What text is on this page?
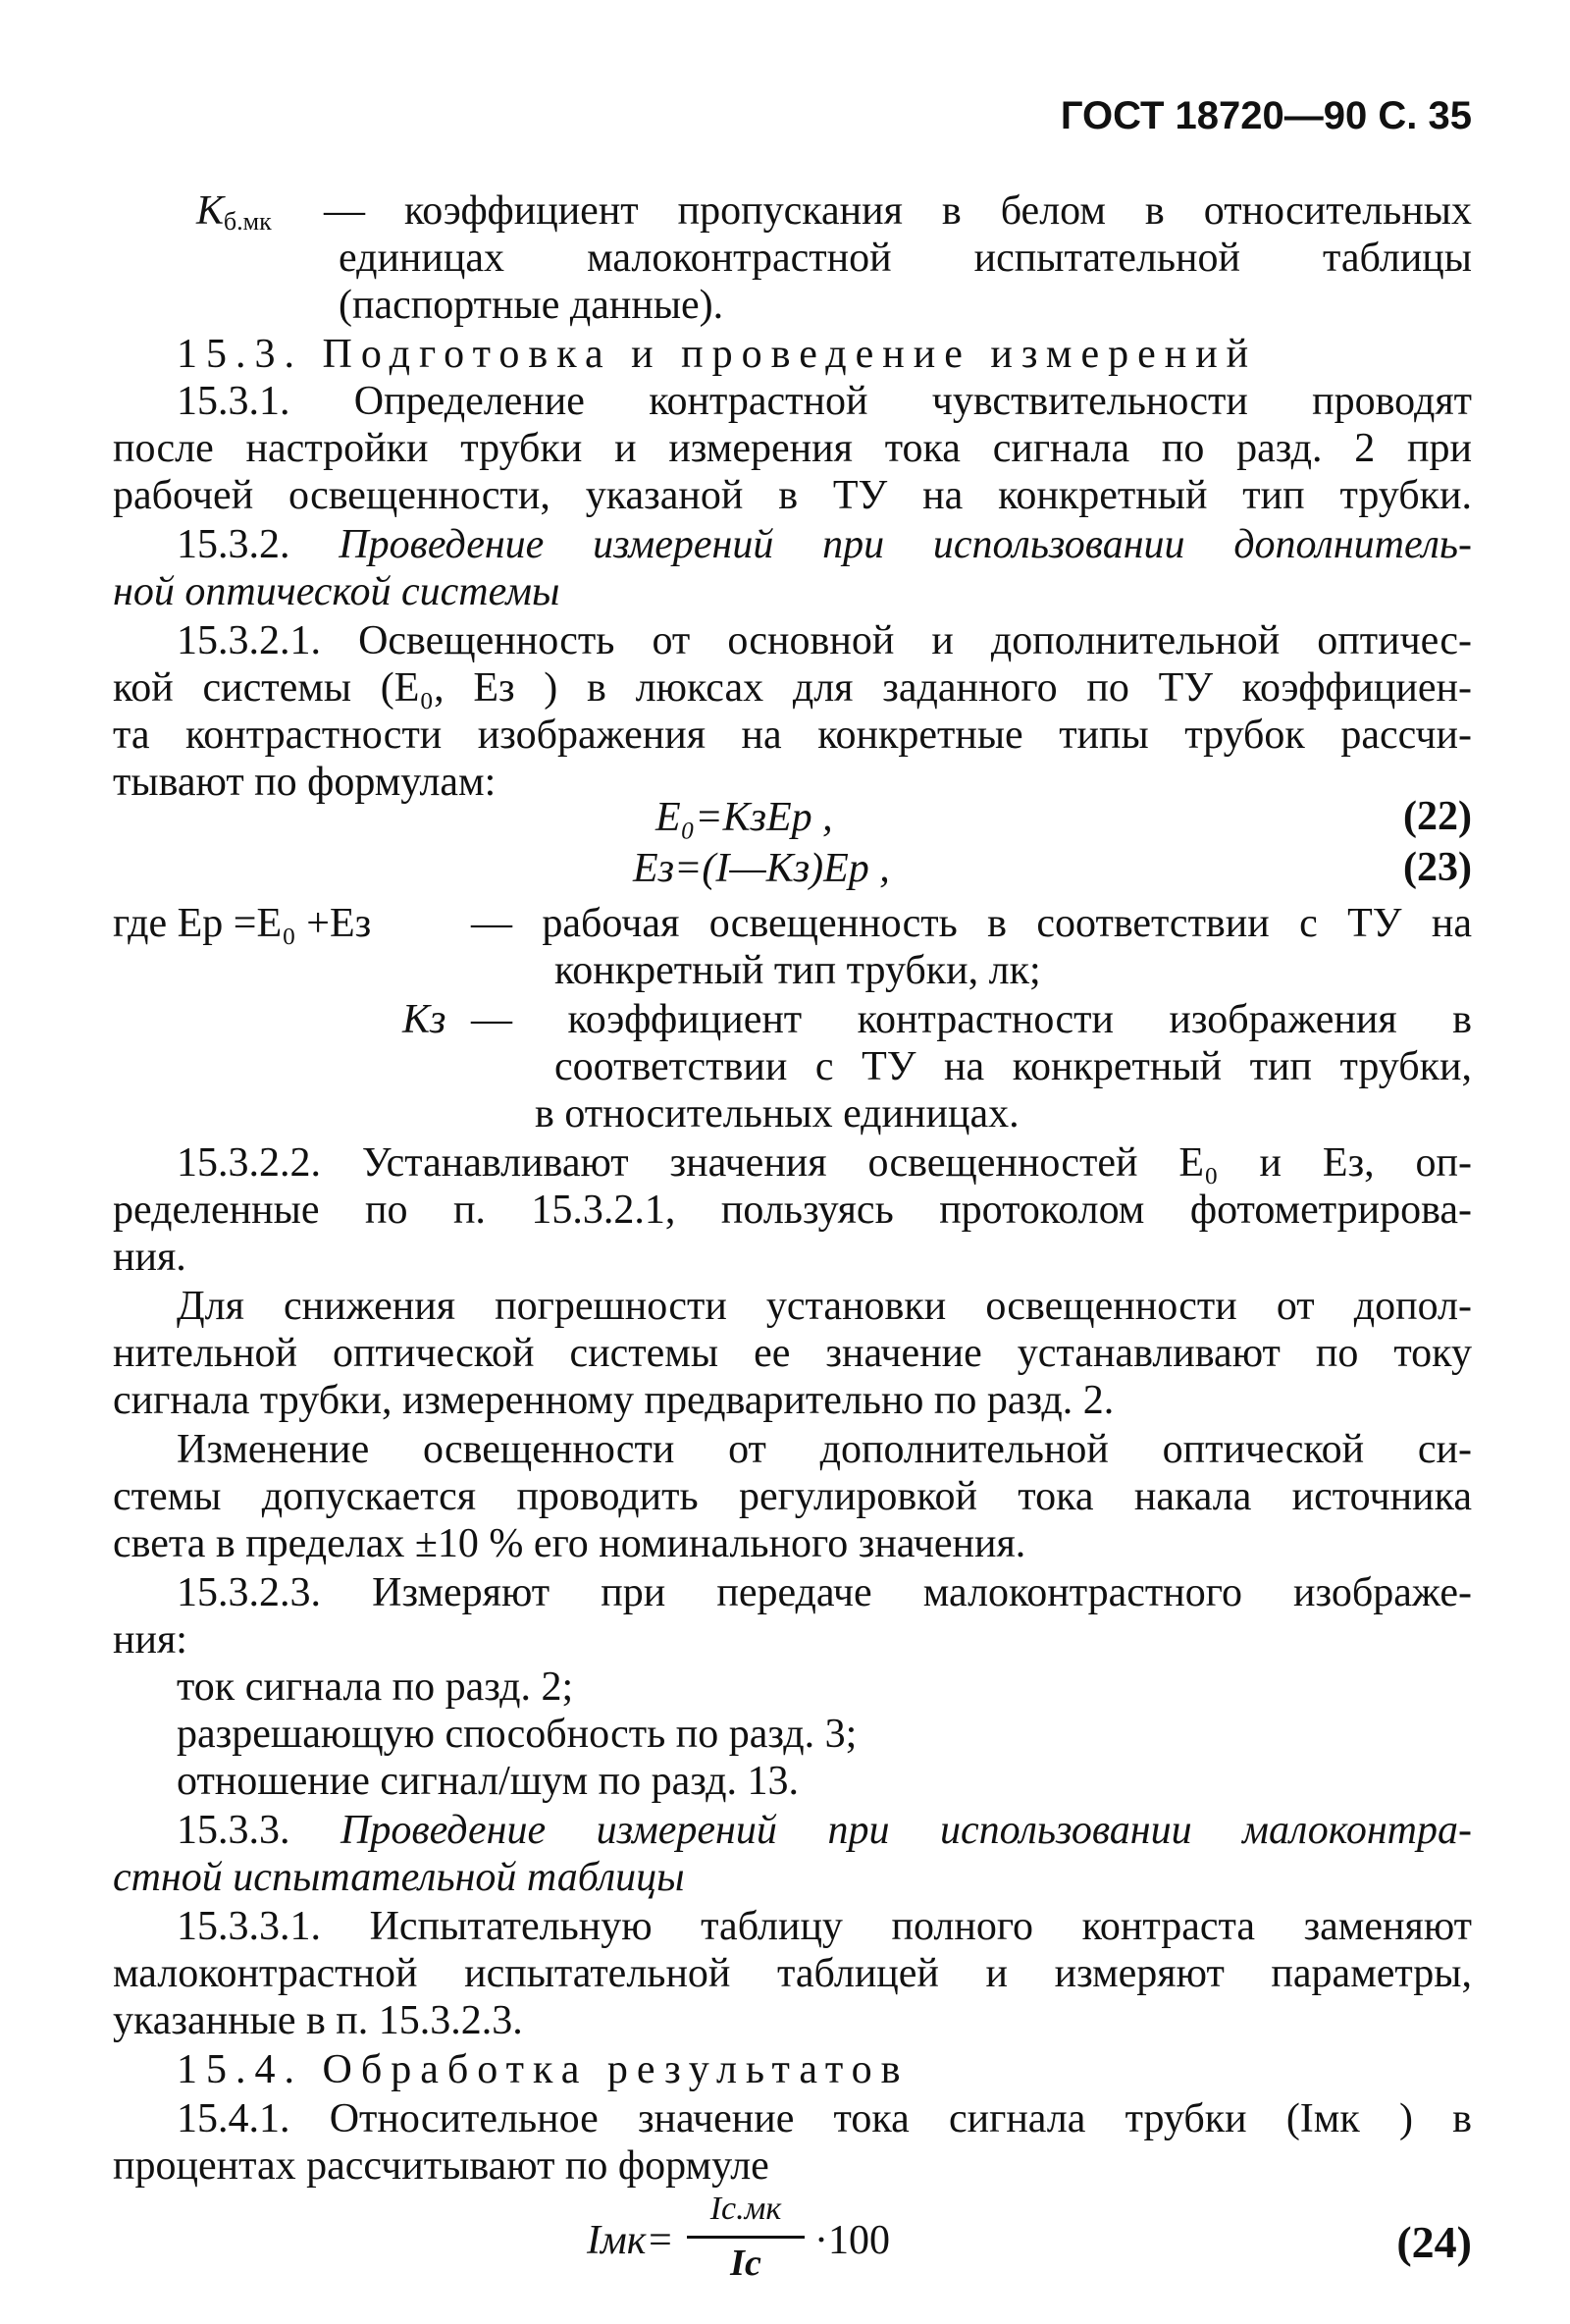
ГОСТ 18720—90 С. 35
$К_{б.мк}$ — коэффициент пропускания в белом в относительных
единицах малоконтрастной испытательной таблицы
(паспортные данные).
15.3. Подготовка и проведение измерений
15.3.1. Определение контрастной чувствительности проводят
после настройки трубки и измерения тока сигнала по разд. 2 при
рабочей освещенности, указаной в ТУ на конкретный тип трубки.
15.3.2. Проведение измерений при использовании дополнитель-
ной оптической системы
15.3.2.1. Освещенность от основной и дополнительной оптичес-
кой системы (E₀, Eз ) в люксах для заданного по ТУ коэффициен-
та контрастности изображения на конкретные типы трубок рассчи-
тывают по формулам:
E₀=KзEр ,	(22)
Eз=(I—Kз)Eр ,	(23)
где Eр =E₀ +Eз — рабочая освещенность в соответствии с ТУ на
конкретный тип трубки, лк;
Kз — коэффициент контрастности изображения в
соответствии с ТУ на конкретный тип трубки,
в относительных единицах.
15.3.2.2. Устанавливают значения освещенностей E₀ и Eз, оп-
ределенные по п. 15.3.2.1, пользуясь протоколом фотометрирова-
ния.
Для снижения погрешности установки освещенности от допол-
нительной оптической системы ее значение устанавливают по току
сигнала трубки, измеренному предварительно по разд. 2.
Изменение освещенности от дополнительной оптической си-
стемы допускается проводить регулировкой тока накала источника
света в пределах ±10 % его номинального значения.
15.3.2.3. Измеряют при передаче малоконтрастного изображе-
ния:
ток сигнала по разд. 2;
разрешающую способность по разд. 3;
отношение сигнал/шум по разд. 13.
15.3.3. Проведение измерений при использовании малоконтра-
стной испытательной таблицы
15.3.3.1. Испытательную таблицу полного контраста заменяют
малоконтрастной испытательной таблицей и измеряют параметры,
указанные в п. 15.3.2.3.
15.4. Обработка результатов
15.4.1. Относительное значение тока сигнала трубки (Iмк ) в
процентах рассчитывают по формуле
Iмк=
Iс.мк
Iс	·100	(24)
